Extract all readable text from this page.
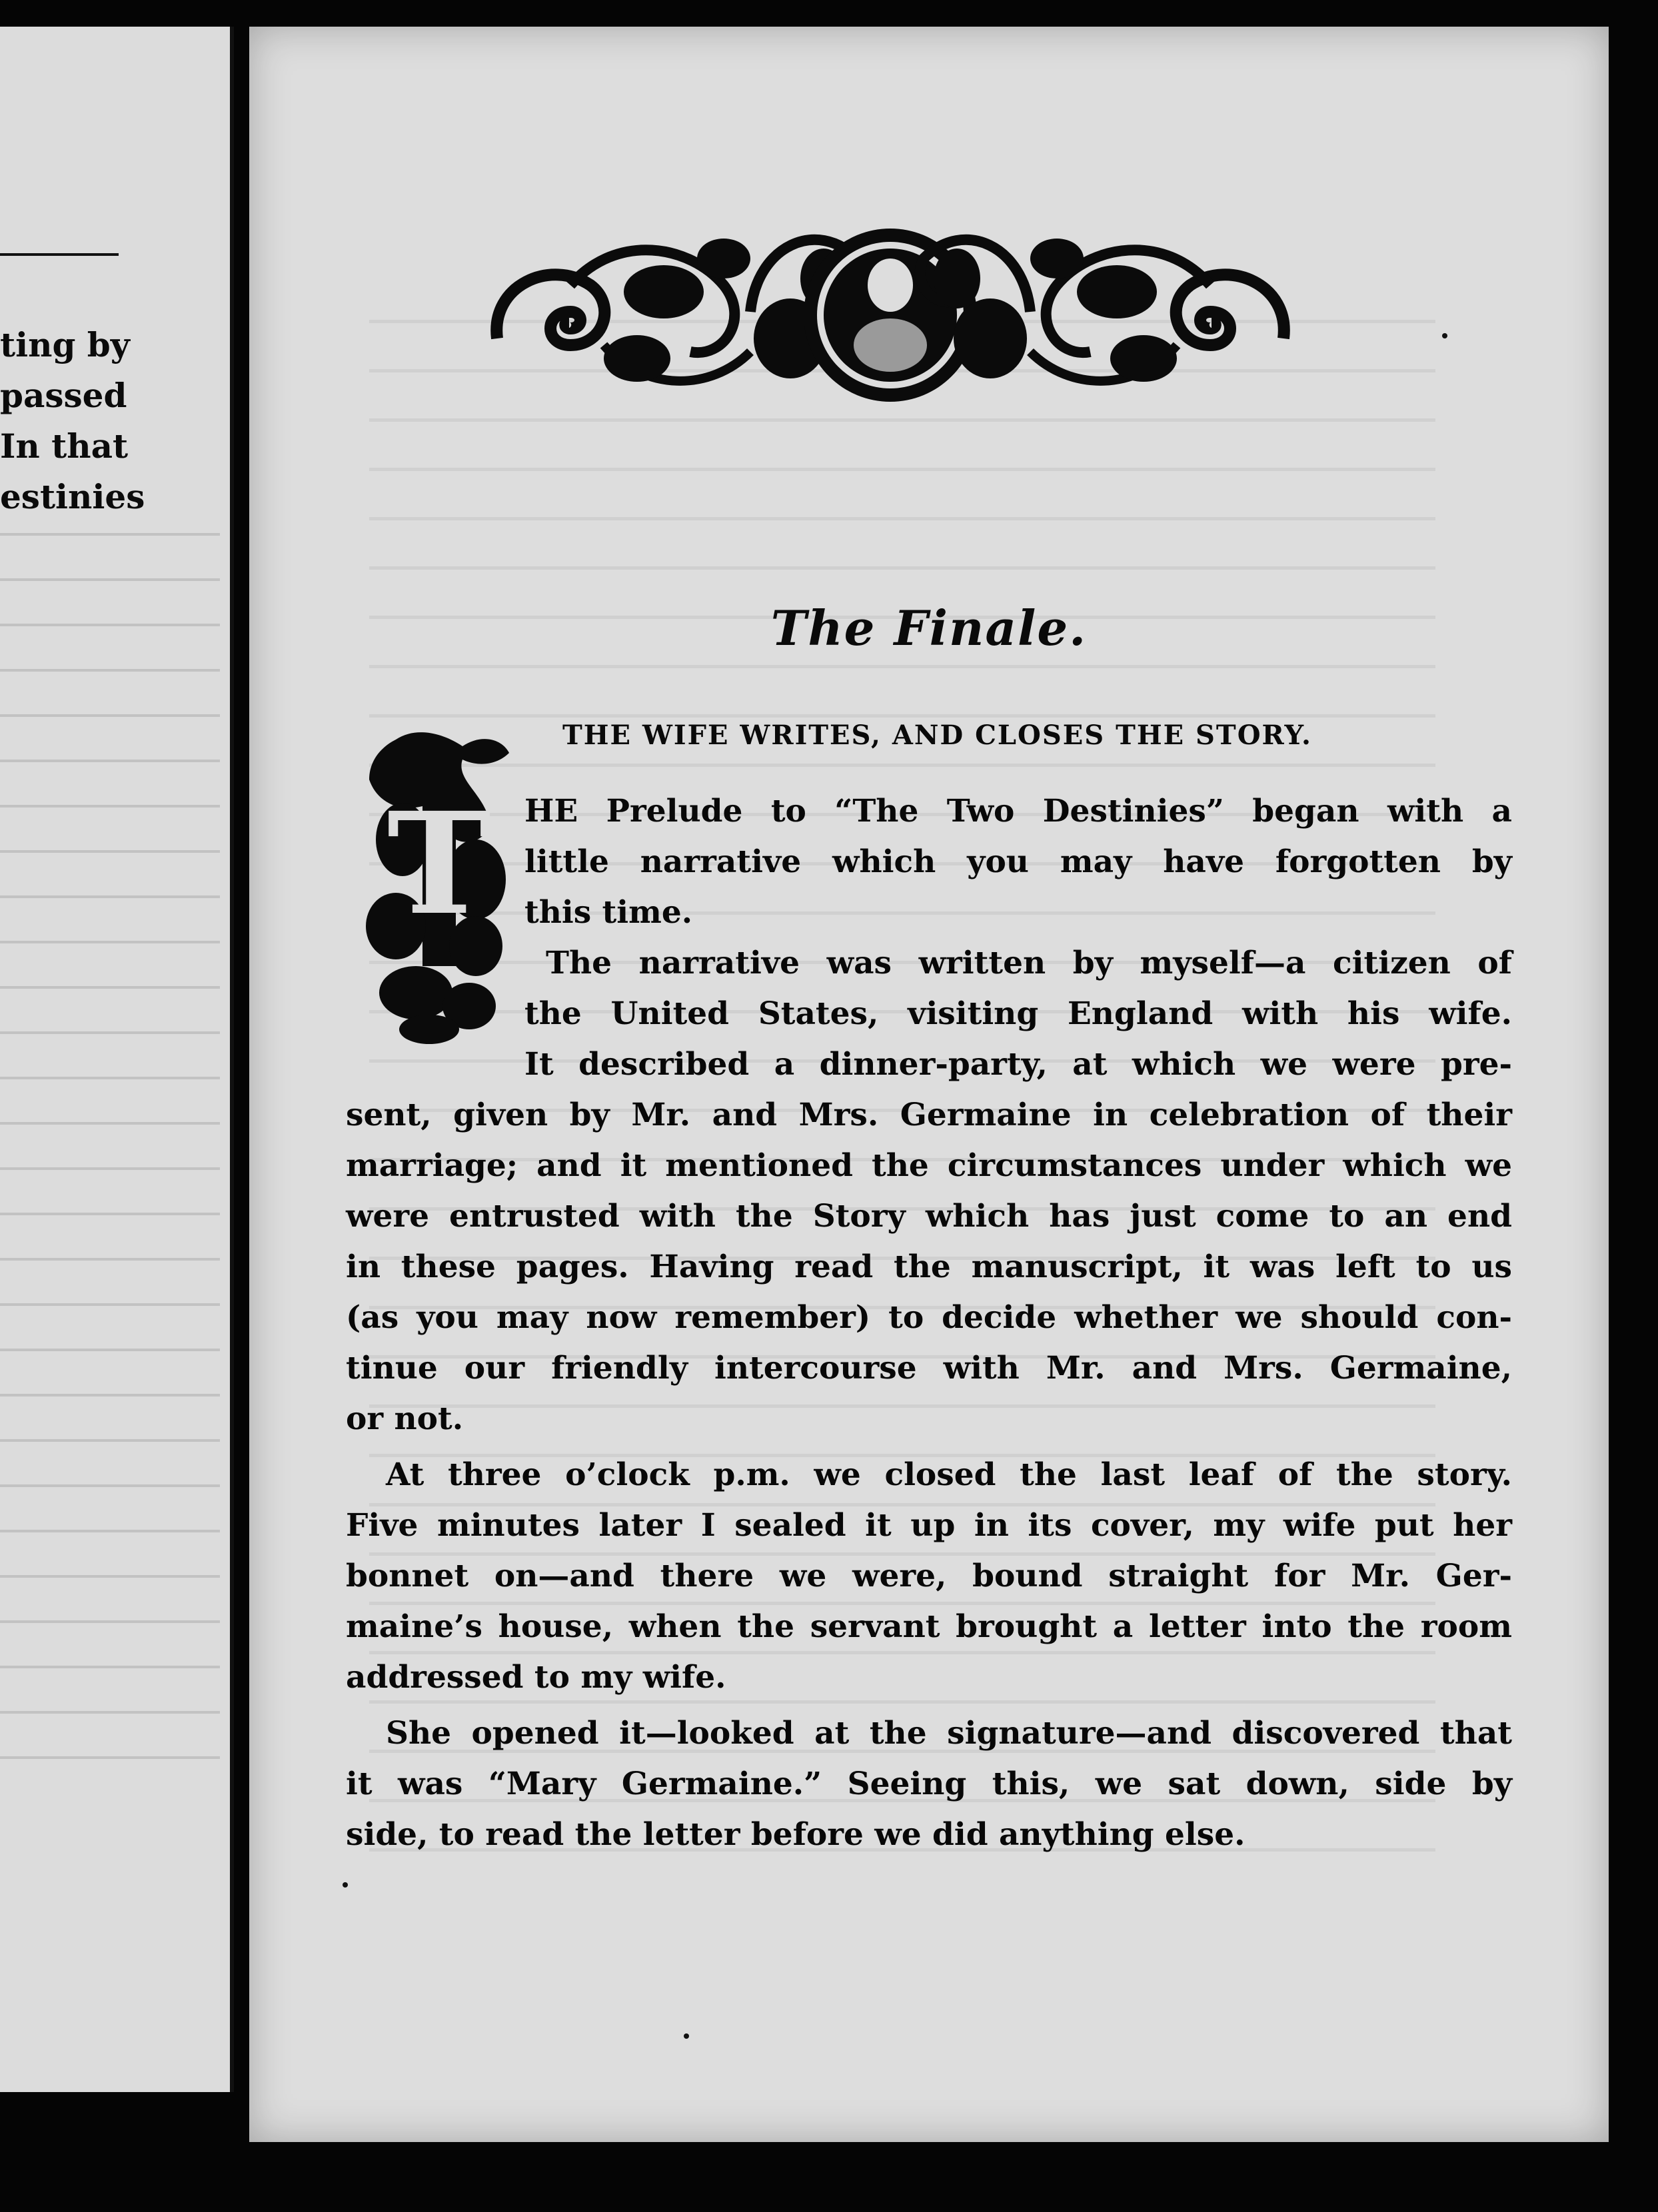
ting by
passed
In that
estinies
The Finale.
THE WIFE WRITES, AND CLOSES THE STORY.
T	HE Prelude to “The Two Destinies” began with a
little narrative which you may have forgotten by
this time.

The narrative was written by myself—a citizen of
the United States, visiting England with his wife.
It described a dinner-party, at which we were pre-
sent, given by Mr. and Mrs. Germaine in celebration of their
marriage; and it mentioned the circumstances under which we
were entrusted with the Story which has just come to an end
in these pages. Having read the manuscript, it was left to us
(as you may now remember) to decide whether we should con-
tinue our friendly intercourse with Mr. and Mrs. Germaine,
or not.

At three o’clock p.m. we closed the last leaf of the story.
Five minutes later I sealed it up in its cover, my wife put her
bonnet on—and there we were, bound straight for Mr. Ger-
maine’s house, when the servant brought a letter into the room
addressed to my wife.

She opened it—looked at the signature—and discovered that
it was “Mary Germaine.” Seeing this, we sat down, side by
side, to read the letter before we did anything else.
